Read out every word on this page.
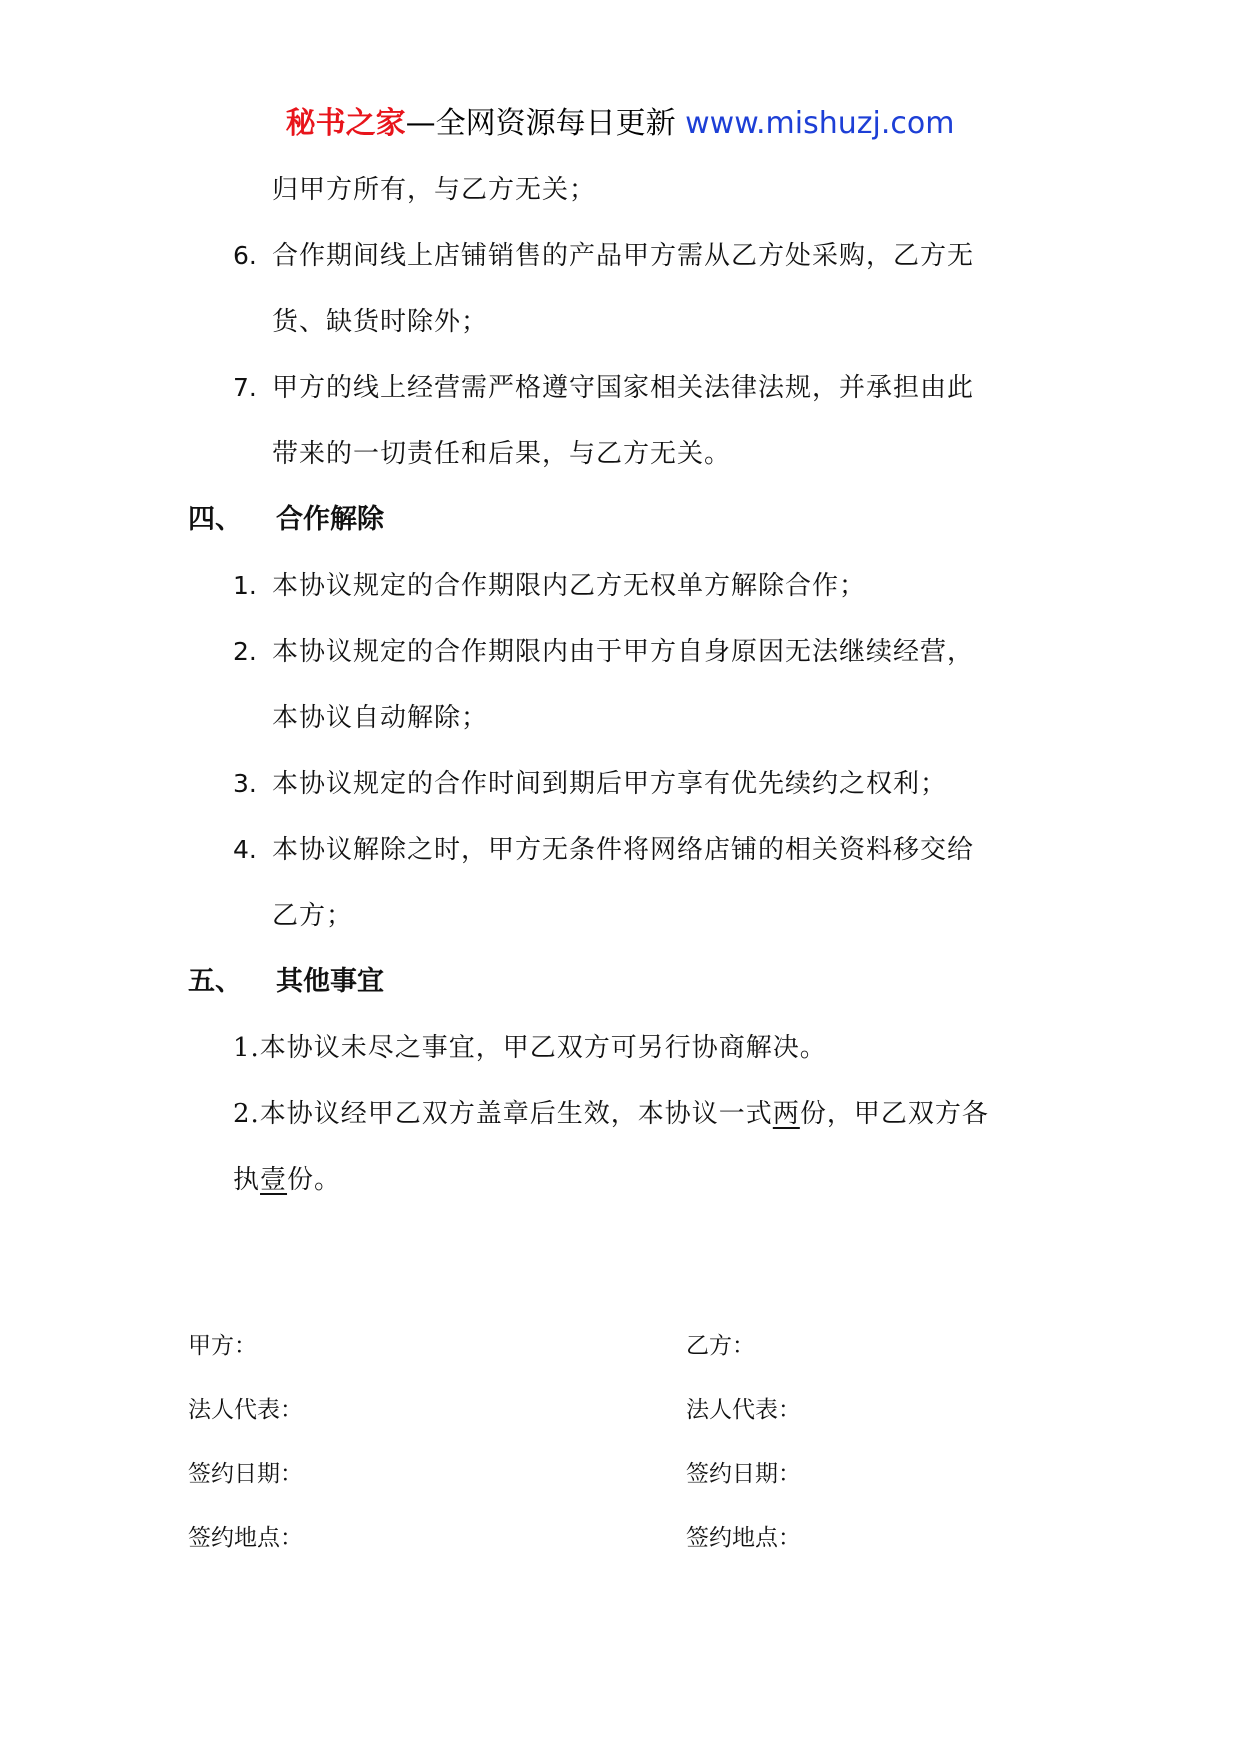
秘书之家—全网资源每日更新 www.mishuzj.com
归甲方所有，与乙方无关；
6. 合作期间线上店铺销售的产品甲方需从乙方处采购，乙方无
货、缺货时除外；
7. 甲方的线上经营需严格遵守国家相关法律法规，并承担由此
带来的一切责任和后果，与乙方无关。
四、 合作解除
1. 本协议规定的合作期限内乙方无权单方解除合作；
2. 本协议规定的合作期限内由于甲方自身原因无法继续经营，
本协议自动解除；
3. 本协议规定的合作时间到期后甲方享有优先续约之权利；
4. 本协议解除之时，甲方无条件将网络店铺的相关资料移交给
乙方；
五、 其他事宜
1.本协议未尽之事宜，甲乙双方可另行协商解决。
2.本协议经甲乙双方盖章后生效，本协议一式两份，甲乙双方各
执壹份。
甲方：	乙方：
法人代表：	法人代表：
签约日期：	签约日期：
签约地点：	签约地点：
